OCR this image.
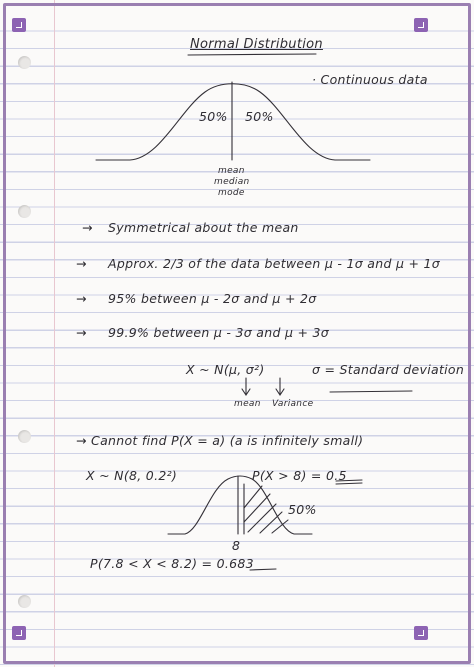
Normal Distribution
· Continuous data
50% 50%
mean
median
mode
→ Symmetrical about the mean
→ Approx. 2/3 of the data between μ - 1σ and μ + 1σ
→ 95% between μ - 2σ and μ + 2σ
→ 99.9% between μ - 3σ and μ + 3σ
X ~ N(μ, σ²)	σ = Standard deviation
mean Variance
→ Cannot find P(X = a) (a is infinitely small)
X ~ N(8, 0.2²)	P(X > 8) = 0.5
50%
8
P(7.8 < X < 8.2) = 0.683
